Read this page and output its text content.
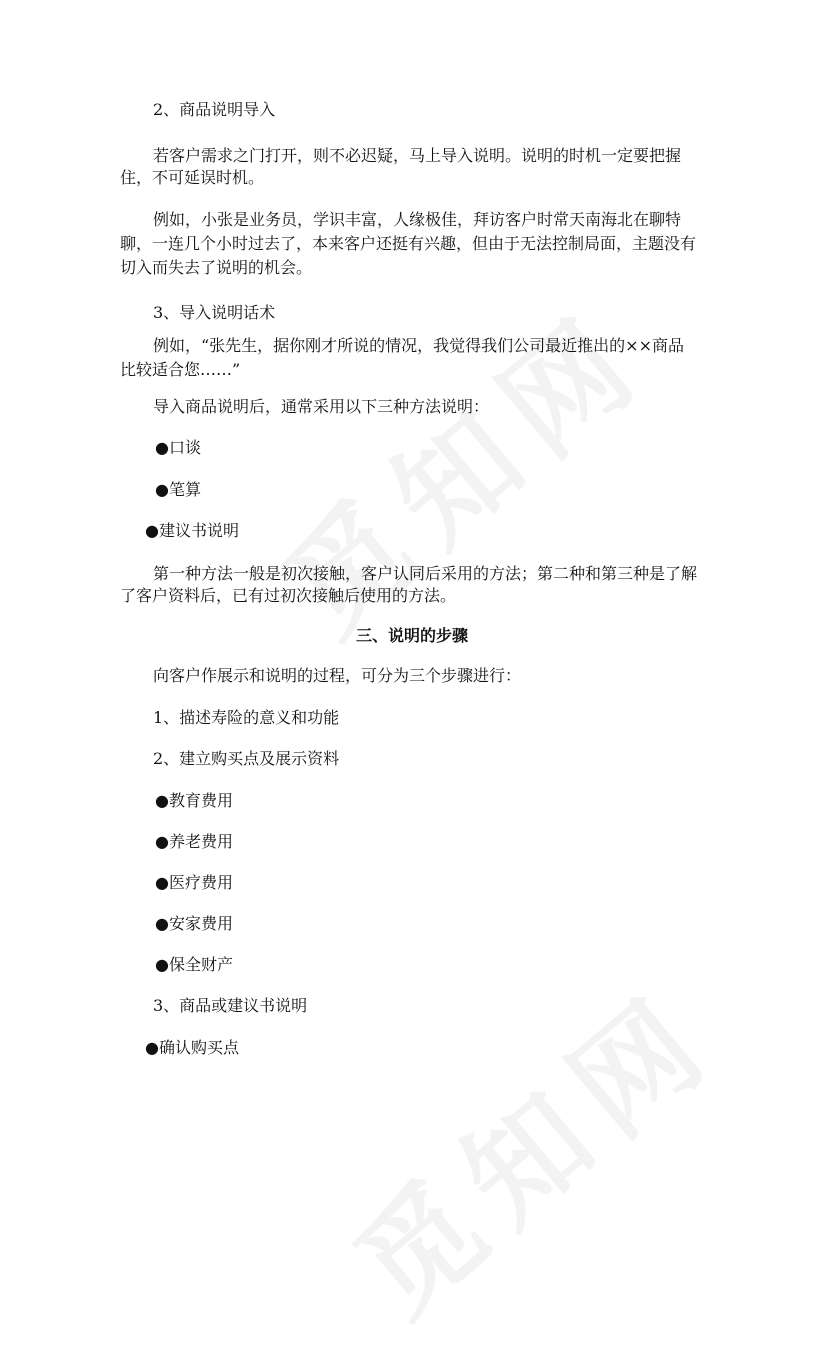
2、商品说明导入

若客户需求之门打开，则不必迟疑，马上导入说明。说明的时机一定要把握

住，不可延误时机。

例如，小张是业务员，学识丰富，人缘极佳，拜访客户时常天南海北在聊特

聊，一连几个小时过去了，本来客户还挺有兴趣，但由于无法控制局面，主题没有

切入而失去了说明的机会。

3、导入说明话术

例如，“张先生，据你刚才所说的情况，我觉得我们公司最近推出的××商品

比较适合您……”

导入商品说明后，通常采用以下三种方法说明：

●口谈

●笔算

●建议书说明

第一种方法一般是初次接触，客户认同后采用的方法；第二种和第三种是了解

了客户资料后，已有过初次接触后使用的方法。

三、说明的步骤

向客户作展示和说明的过程，可分为三个步骤进行：

1、描述寿险的意义和功能

2、建立购买点及展示资料

●教育费用

●养老费用

●医疗费用

●安家费用

●保全财产

3、商品或建议书说明

●确认购买点
